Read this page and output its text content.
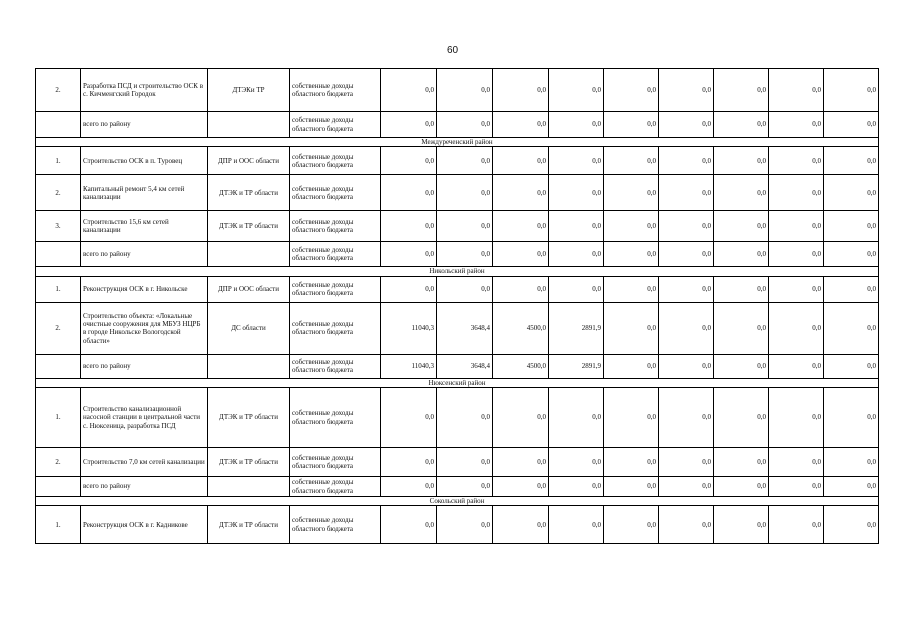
60
2.	Разработка ПСД и строительство ОСК в с. Кичменгский Городок	ДТЭКи ТР	собственные доходы областного бюджета	0,0	0,0	0,0	0,0	0,0	0,0	0,0	0,0	0,0
	всего по району		собственные доходы областного бюджета	0,0	0,0	0,0	0,0	0,0	0,0	0,0	0,0	0,0
Междуреченский район												
1.	Строительство ОСК в п. Туровец	ДПР и ООС области	собственные доходы областного бюджета	0,0	0,0	0,0	0,0	0,0	0,0	0,0	0,0	0,0
2.	Капитальный ремонт 5,4 км сетей канализации	ДТЭК и ТР области	собственные доходы областного бюджета	0,0	0,0	0,0	0,0	0,0	0,0	0,0	0,0	0,0
3.	Строительство 15,6 км сетей канализации	ДТЭК и ТР области	собственные доходы областного бюджета	0,0	0,0	0,0	0,0	0,0	0,0	0,0	0,0	0,0
	всего по району		собственные доходы областного бюджета	0,0	0,0	0,0	0,0	0,0	0,0	0,0	0,0	0,0
Никольский район												
1.	Реконструкция ОСК в г. Никольске	ДПР и ООС области	собственные доходы областного бюджета	0,0	0,0	0,0	0,0	0,0	0,0	0,0	0,0	0,0
2.	Строительство объекта: «Локальные очистные сооружения для МБУЗ НЦРБ в городе Никольске Вологодской области»	ДС области	собственные доходы областного бюджета	11040,3	3648,4	4500,0	2891,9	0,0	0,0	0,0	0,0	0,0
	всего по району		собственные доходы областного бюджета	11040,3	3648,4	4500,0	2891,9	0,0	0,0	0,0	0,0	0,0
Нюксенский район												
1.	Строительство канализационной насосной станции в центральной части с. Нюксеница, разработка ПСД	ДТЭК и ТР области	собственные доходы областного бюджета	0,0	0,0	0,0	0,0	0,0	0,0	0,0	0,0	0,0
2.	Строительство 7,0 км сетей канализации	ДТЭК и ТР области	собственные доходы областного бюджета	0,0	0,0	0,0	0,0	0,0	0,0	0,0	0,0	0,0
	всего по району		собственные доходы областного бюджета	0,0	0,0	0,0	0,0	0,0	0,0	0,0	0,0	0,0
Сокольский район												
1.	Реконструкция ОСК в г. Кадникове	ДТЭК и ТР области	собственные доходы областного бюджета	0,0	0,0	0,0	0,0	0,0	0,0	0,0	0,0	0,0
